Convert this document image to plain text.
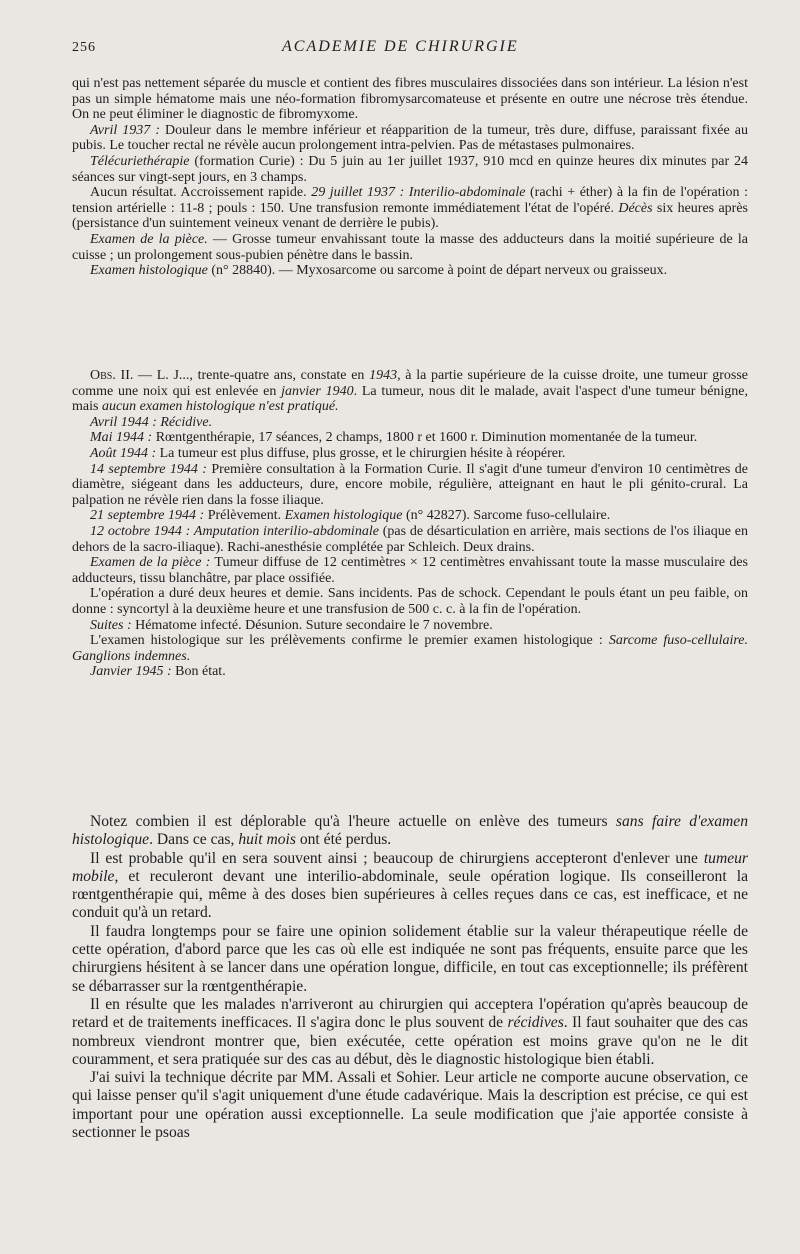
256	ACADEMIE DE CHIRURGIE

qui n'est pas nettement séparée du muscle et contient des fibres musculaires dissociées dans son intérieur. La lésion n'est pas un simple hématome mais une néo-formation fibromysarcomateuse et présente en outre une nécrose très étendue. On ne peut éliminer le diagnostic de fibromyxome.

Avril 1937 : Douleur dans le membre inférieur et réapparition de la tumeur, très dure, diffuse, paraissant fixée au pubis. Le toucher rectal ne révèle aucun prolongement intra-pelvien. Pas de métastases pulmonaires.

Télécuriethérapie (formation Curie) : Du 5 juin au 1er juillet 1937, 910 mcd en quinze heures dix minutes par 24 séances sur vingt-sept jours, en 3 champs.

Aucun résultat. Accroissement rapide. 29 juillet 1937 : Interilio-abdominale (rachi + éther) à la fin de l'opération : tension artérielle : 11-8 ; pouls : 150. Une transfusion remonte immédiatement l'état de l'opéré. Décès six heures après (persistance d'un suintement veineux venant de derrière le pubis).

Examen de la pièce. — Grosse tumeur envahissant toute la masse des adducteurs dans la moitié supérieure de la cuisse ; un prolongement sous-pubien pénètre dans le bassin.

Examen histologique (n° 28840). — Myxosarcome ou sarcome à point de départ nerveux ou graisseux.

Obs. II. — L. J..., trente-quatre ans, constate en 1943, à la partie supérieure de la cuisse droite, une tumeur grosse comme une noix qui est enlevée en janvier 1940. La tumeur, nous dit le malade, avait l'aspect d'une tumeur bénigne, mais aucun examen histologique n'est pratiqué.

Avril 1944 : Récidive.

Mai 1944 : Rœntgenthérapie, 17 séances, 2 champs, 1800 r et 1600 r. Diminution momentanée de la tumeur.

Août 1944 : La tumeur est plus diffuse, plus grosse, et le chirurgien hésite à réopérer.

14 septembre 1944 : Première consultation à la Formation Curie. Il s'agit d'une tumeur d'environ 10 centimètres de diamètre, siégeant dans les adducteurs, dure, encore mobile, régulière, atteignant en haut le pli génito-crural. La palpation ne révèle rien dans la fosse iliaque.

21 septembre 1944 : Prélèvement. Examen histologique (n° 42827). Sarcome fuso-cellulaire.

12 octobre 1944 : Amputation interilio-abdominale (pas de désarticulation en arrière, mais sections de l'os iliaque en dehors de la sacro-iliaque). Rachi-anesthésie complétée par Schleich. Deux drains.

Examen de la pièce : Tumeur diffuse de 12 centimètres × 12 centimètres envahissant toute la masse musculaire des adducteurs, tissu blanchâtre, par place ossifiée.

L'opération a duré deux heures et demie. Sans incidents. Pas de schock. Cependant le pouls étant un peu faible, on donne : syncortyl à la deuxième heure et une transfusion de 500 c. c. à la fin de l'opération.

Suites : Hématome infecté. Désunion. Suture secondaire le 7 novembre.

L'examen histologique sur les prélèvements confirme le premier examen histologique : Sarcome fuso-cellulaire. Ganglions indemnes.

Janvier 1945 : Bon état.

Notez combien il est déplorable qu'à l'heure actuelle on enlève des tumeurs sans faire d'examen histologique. Dans ce cas, huit mois ont été perdus.

Il est probable qu'il en sera souvent ainsi ; beaucoup de chirurgiens accepteront d'enlever une tumeur mobile, et reculeront devant une interilio-abdominale, seule opération logique. Ils conseilleront la rœntgenthérapie qui, même à des doses bien supérieures à celles reçues dans ce cas, est inefficace, et ne conduit qu'à un retard.

Il faudra longtemps pour se faire une opinion solidement établie sur la valeur thérapeutique réelle de cette opération, d'abord parce que les cas où elle est indiquée ne sont pas fréquents, ensuite parce que les chirurgiens hésitent à se lancer dans une opération longue, difficile, en tout cas exceptionnelle; ils préfèrent se débarrasser sur la rœntgenthérapie.

Il en résulte que les malades n'arriveront au chirurgien qui acceptera l'opération qu'après beaucoup de retard et de traitements inefficaces. Il s'agira donc le plus souvent de récidives. Il faut souhaiter que des cas nombreux viendront montrer que, bien exécutée, cette opération est moins grave qu'on ne le dit couramment, et sera pratiquée sur des cas au début, dès le diagnostic histologique bien établi.

J'ai suivi la technique décrite par MM. Assali et Sohier. Leur article ne comporte aucune observation, ce qui laisse penser qu'il s'agit uniquement d'une étude cadavérique. Mais la description est précise, ce qui est important pour une opération aussi exceptionnelle. La seule modification que j'aie apportée consiste à sectionner le psoas
